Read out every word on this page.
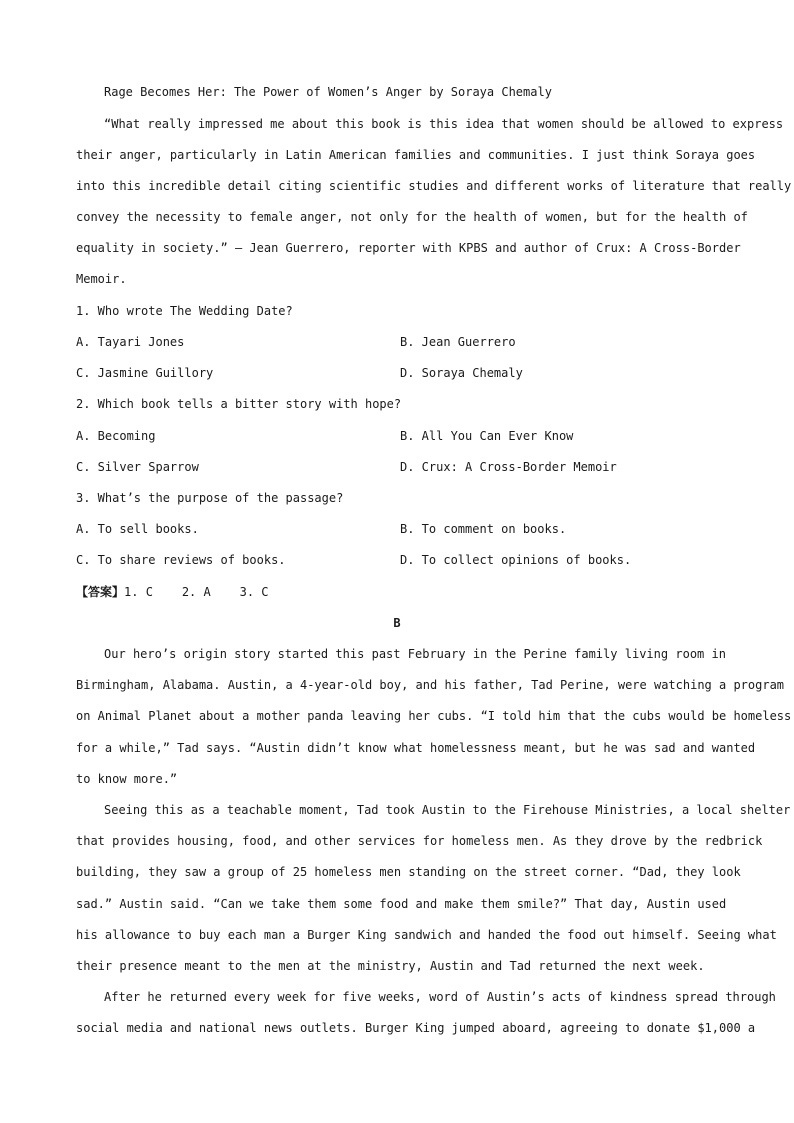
Rage Becomes Her: The Power of Women’s Anger by Soraya Chemaly
“What really impressed me about this book is this idea that women should be allowed to express
their anger, particularly in Latin American families and communities. I just think Soraya goes
into this incredible detail citing scientific studies and different works of literature that really
convey the necessity to female anger, not only for the health of women, but for the health of
equality in society.” — Jean Guerrero, reporter with KPBS and author of Crux: A Cross-Border
Memoir.
1. Who wrote The Wedding Date?
A. Tayari Jones	B. Jean Guerrero
C. Jasmine Guillory	D. Soraya Chemaly
2. Which book tells a bitter story with hope?
A. Becoming	B. All You Can Ever Know
C. Silver Sparrow	D. Crux: A Cross-Border Memoir
3. What’s the purpose of the passage?
A. To sell books.	B. To comment on books.
C. To share reviews of books.	D. To collect opinions of books.
【答案】1. C    2. A    3. C
B
Our hero’s origin story started this past February in the Perine family living room in
Birmingham, Alabama. Austin, a 4-year-old boy, and his father, Tad Perine, were watching a program
on Animal Planet about a mother panda leaving her cubs. “I told him that the cubs would be homeless
for a while,” Tad says. “Austin didn’t know what homelessness meant, but he was sad and wanted
to know more.”
Seeing this as a teachable moment, Tad took Austin to the Firehouse Ministries, a local shelter
that provides housing, food, and other services for homeless men. As they drove by the redbrick
building, they saw a group of 25 homeless men standing on the street corner. “Dad, they look
sad.” Austin said. “Can we take them some food and make them smile?” That day, Austin used
his allowance to buy each man a Burger King sandwich and handed the food out himself. Seeing what
their presence meant to the men at the ministry, Austin and Tad returned the next week.
After he returned every week for five weeks, word of Austin’s acts of kindness spread through
social media and national news outlets. Burger King jumped aboard, agreeing to donate $1,000 a
